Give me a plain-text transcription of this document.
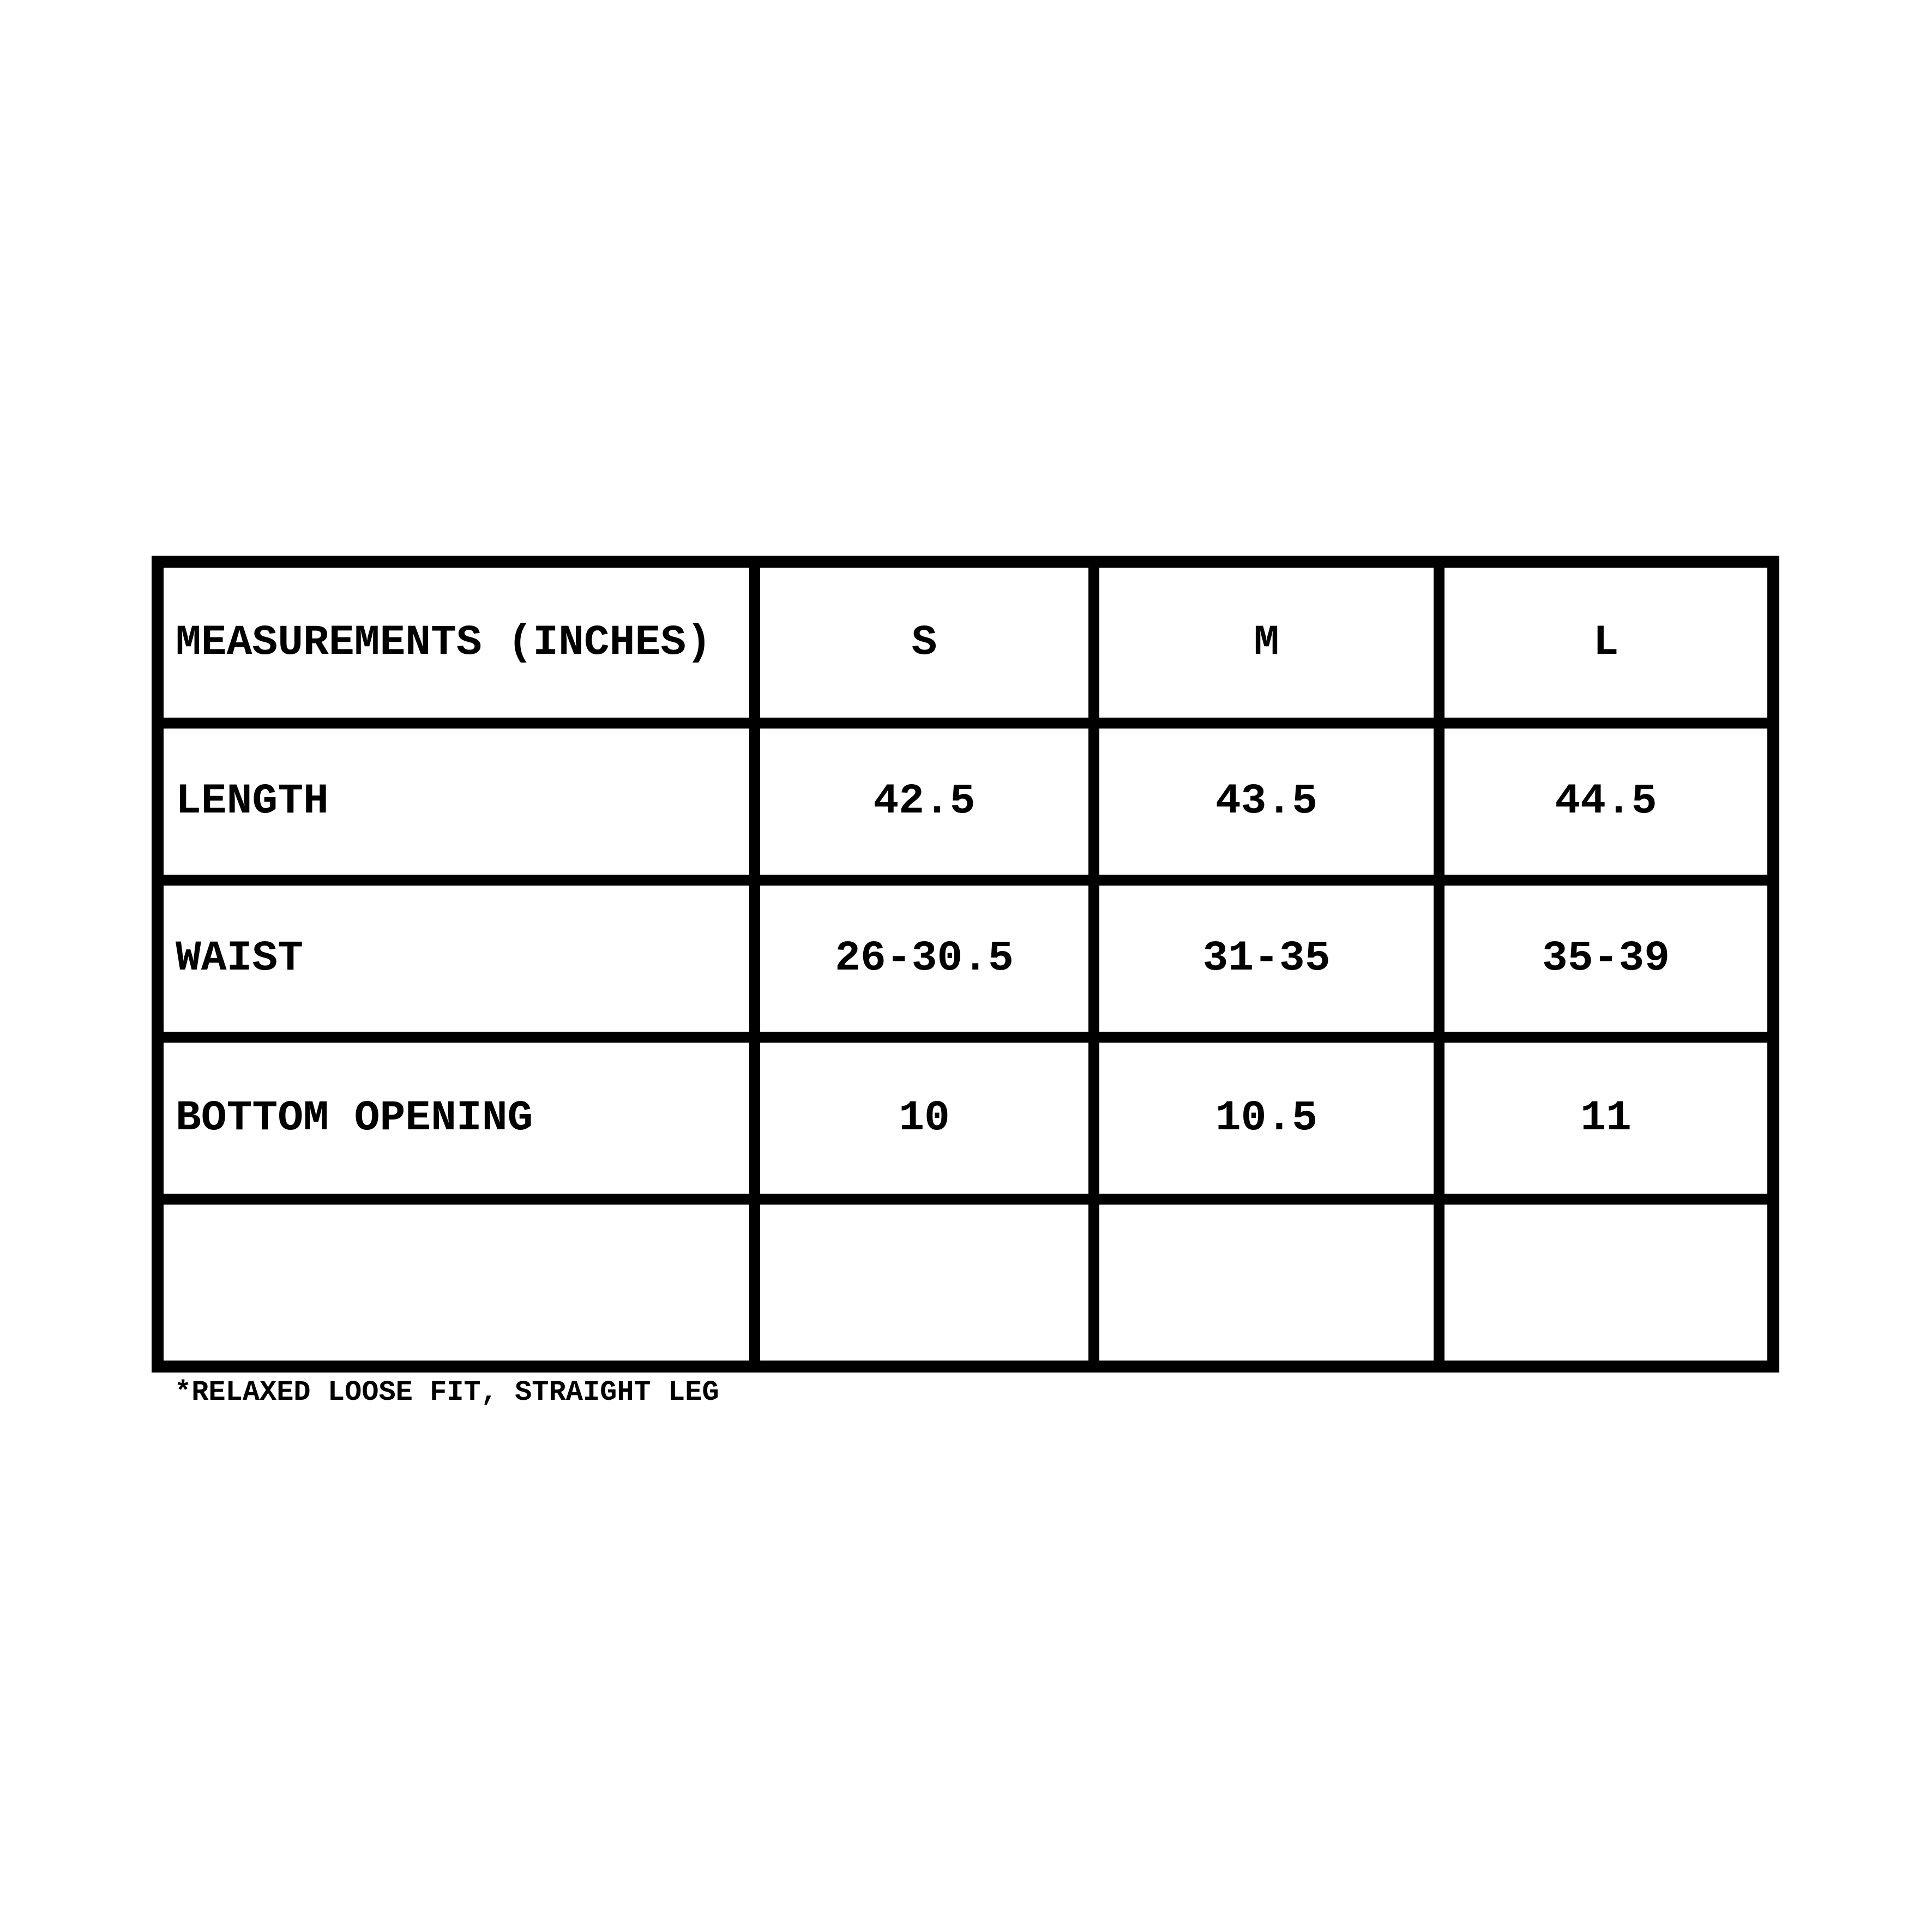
MEASUREMENTS (INCHES)	S	M	L
LENGTH	42.5	43.5	44.5
WAIST	26-30.5	31-35	35-39
BOTTOM OPENING	10	10.5	11
*RELAXED LOOSE FIT, STRAIGHT LEG
